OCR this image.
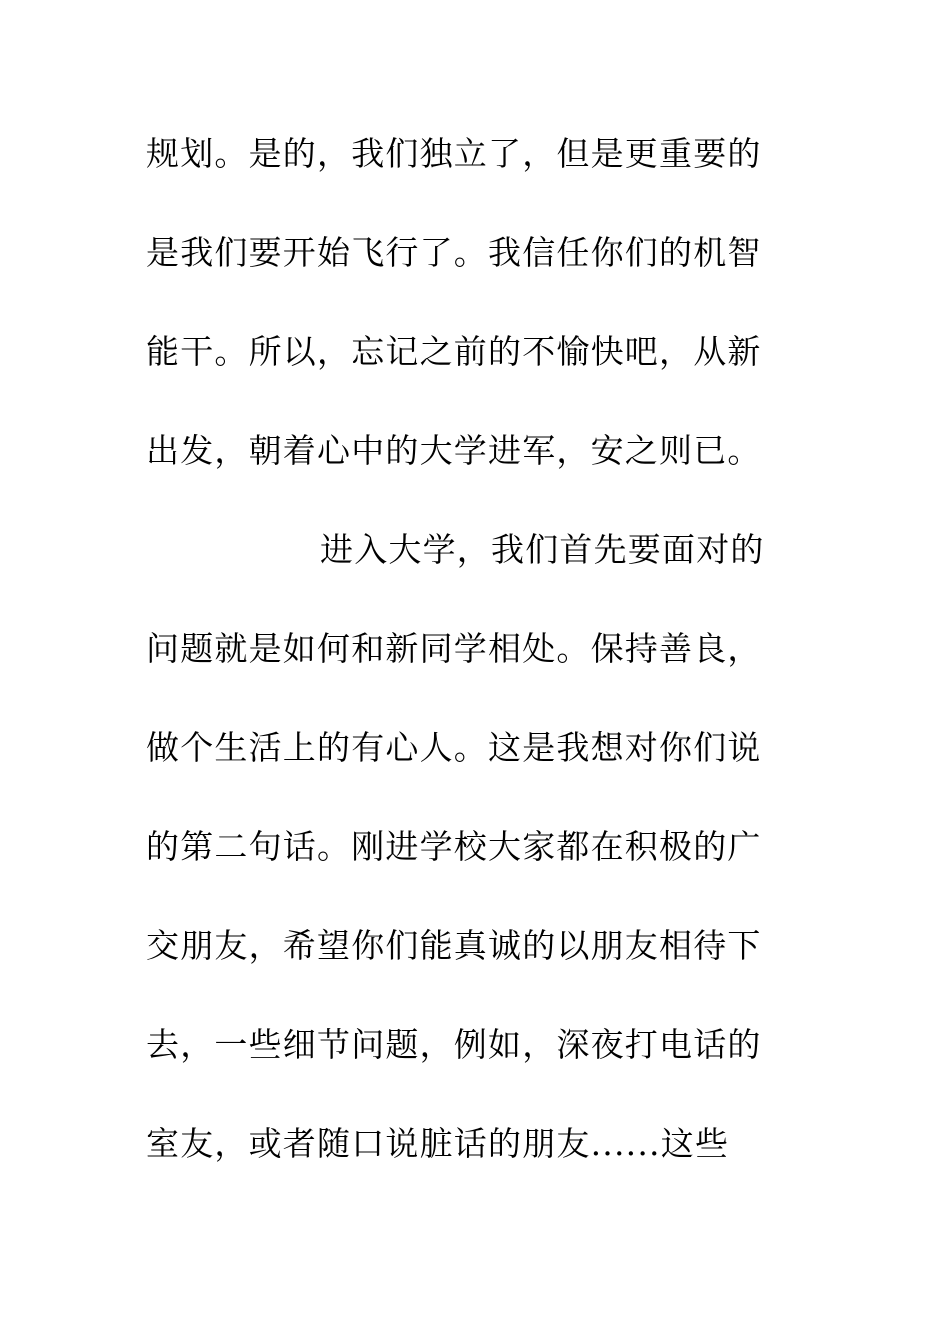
规划。是的，我们独立了，但是更重要的
是我们要开始飞行了。我信任你们的机智
能干。所以，忘记之前的不愉快吧，从新
出发，朝着心中的大学进军，安之则已。
进入大学，我们首先要面对的
问题就是如何和新同学相处。保持善良，
做个生活上的有心人。这是我想对你们说
的第二句话。刚进学校大家都在积极的广
交朋友，希望你们能真诚的以朋友相待下
去，一些细节问题，例如，深夜打电话的
室友，或者随口说脏话的朋友......这些
